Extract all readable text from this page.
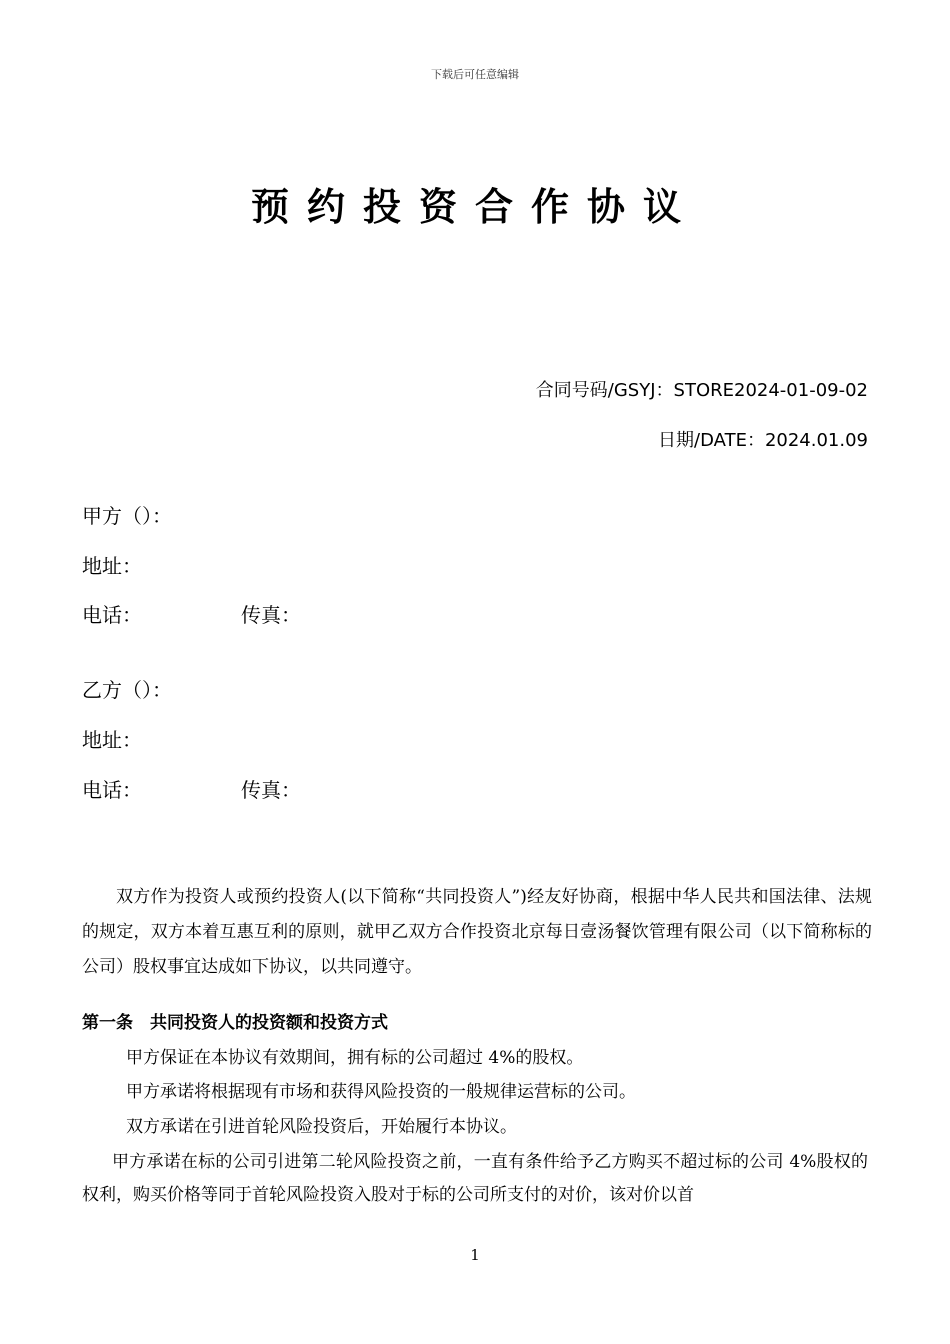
下载后可任意编辑
预约投资合作协议
合同号码/GSYJ：STORE2024-01-09-02
日期/DATE：2024.01.09
甲方（）：
地址：
电话：	传真：
乙方（）：
地址：
电话：	传真：
双方作为投资人或预约投资人(以下简称“共同投资人”)经友好协商，根据中华人民共和国法律、法规的规定，双方本着互惠互利的原则，就甲乙双方合作投资北京每日壹汤餐饮管理有限公司（以下简称标的公司）股权事宜达成如下协议，以共同遵守。
第一条　共同投资人的投资额和投资方式
甲方保证在本协议有效期间，拥有标的公司超过 4%的股权。
甲方承诺将根据现有市场和获得风险投资的一般规律运营标的公司。
双方承诺在引进首轮风险投资后，开始履行本协议。
甲方承诺在标的公司引进第二轮风险投资之前，一直有条件给予乙方购买不超过标的公司 4%股权的权利，购买价格等同于首轮风险投资入股对于标的公司所支付的对价，该对价以首
1
